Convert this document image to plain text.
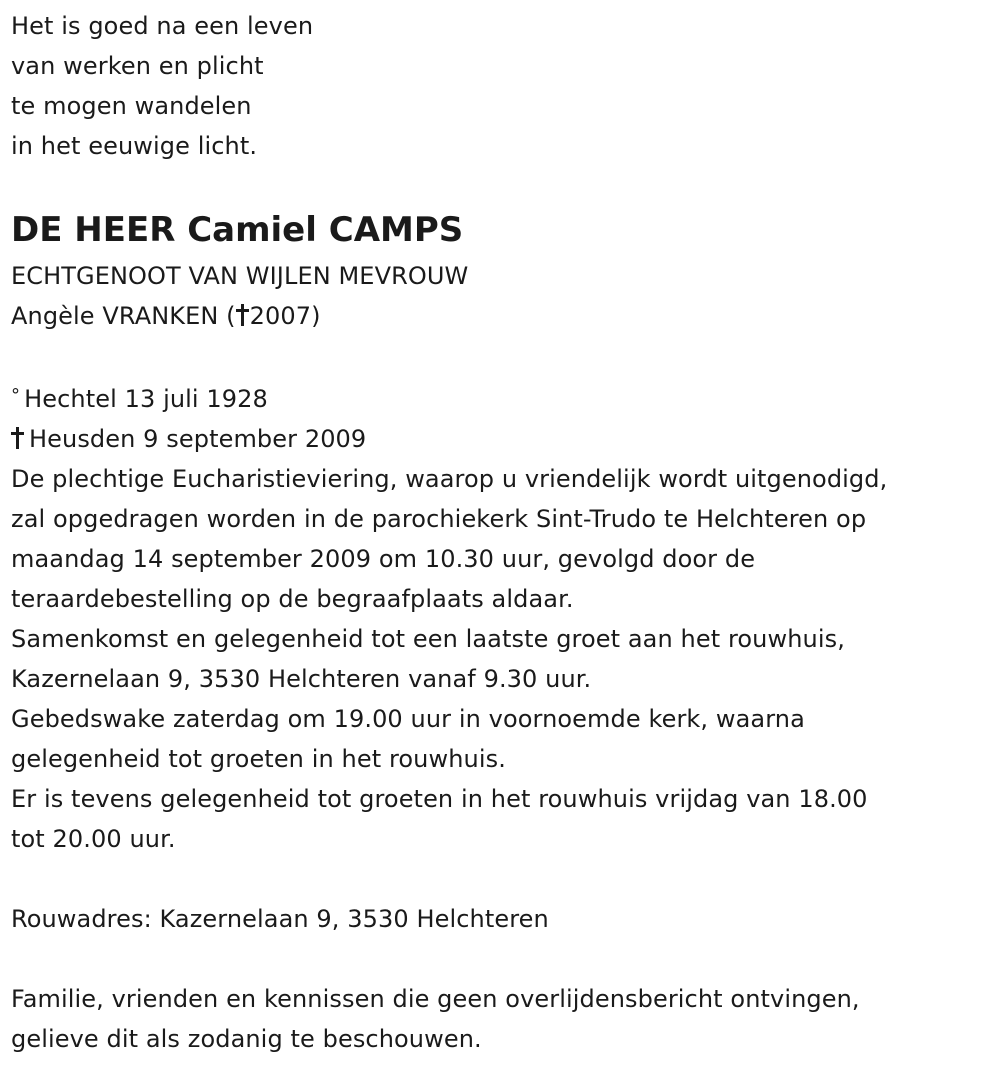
Het is goed na een leven
van werken en plicht
te mogen wandelen
in het eeuwige licht.
DE HEER Camiel CAMPS
ECHTGENOOT VAN WIJLEN MEVROUW
Angèle VRANKEN ( 2007)
° Hechtel 13 juli 1928
Heusden 9 september 2009
De plechtige Eucharistieviering, waarop u vriendelijk wordt uitgenodigd,
zal opgedragen worden in de parochiekerk Sint-Trudo te Helchteren op
maandag 14 september 2009 om 10.30 uur, gevolgd door de
teraardebestelling op de begraafplaats aldaar.
Samenkomst en gelegenheid tot een laatste groet aan het rouwhuis,
Kazernelaan 9, 3530 Helchteren vanaf 9.30 uur.
Gebedswake zaterdag om 19.00 uur in voornoemde kerk, waarna
gelegenheid tot groeten in het rouwhuis.
Er is tevens gelegenheid tot groeten in het rouwhuis vrijdag van 18.00
tot 20.00 uur.
Rouwadres: Kazernelaan 9, 3530 Helchteren
Familie, vrienden en kennissen die geen overlijdensbericht ontvingen,
gelieve dit als zodanig te beschouwen.
